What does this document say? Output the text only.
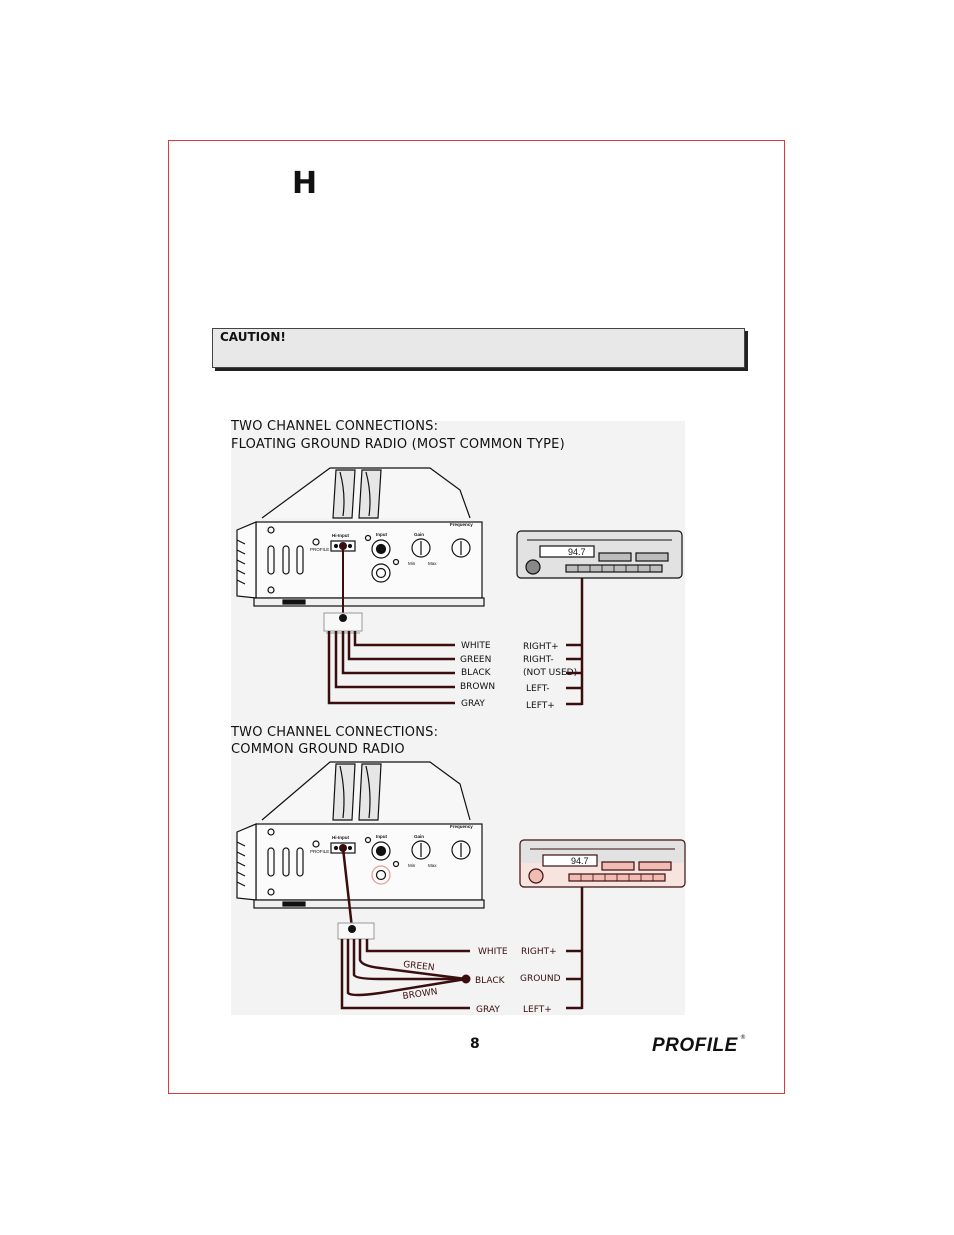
H
CAUTION!
TWO CHANNEL CONNECTIONS:
FLOATING GROUND RADIO (MOST COMMON TYPE)
TWO CHANNEL CONNECTIONS:
COMMON GROUND RADIO
PROFILE
Hi-Input	Input	Gain
Frequency
Min	Max
WHITE
GREEN
BLACK
BROWN
GRAY
RIGHT+
RIGHT-
(NOT USED)
LEFT-
LEFT+
94.7
PROFILE
Hi-Input	Input	Gain
Frequency
Min	Max
WHITE
GREEN
BLACK
BROWN
GRAY
RIGHT+
GROUND
LEFT+
94.7
8	PROFILE ®
